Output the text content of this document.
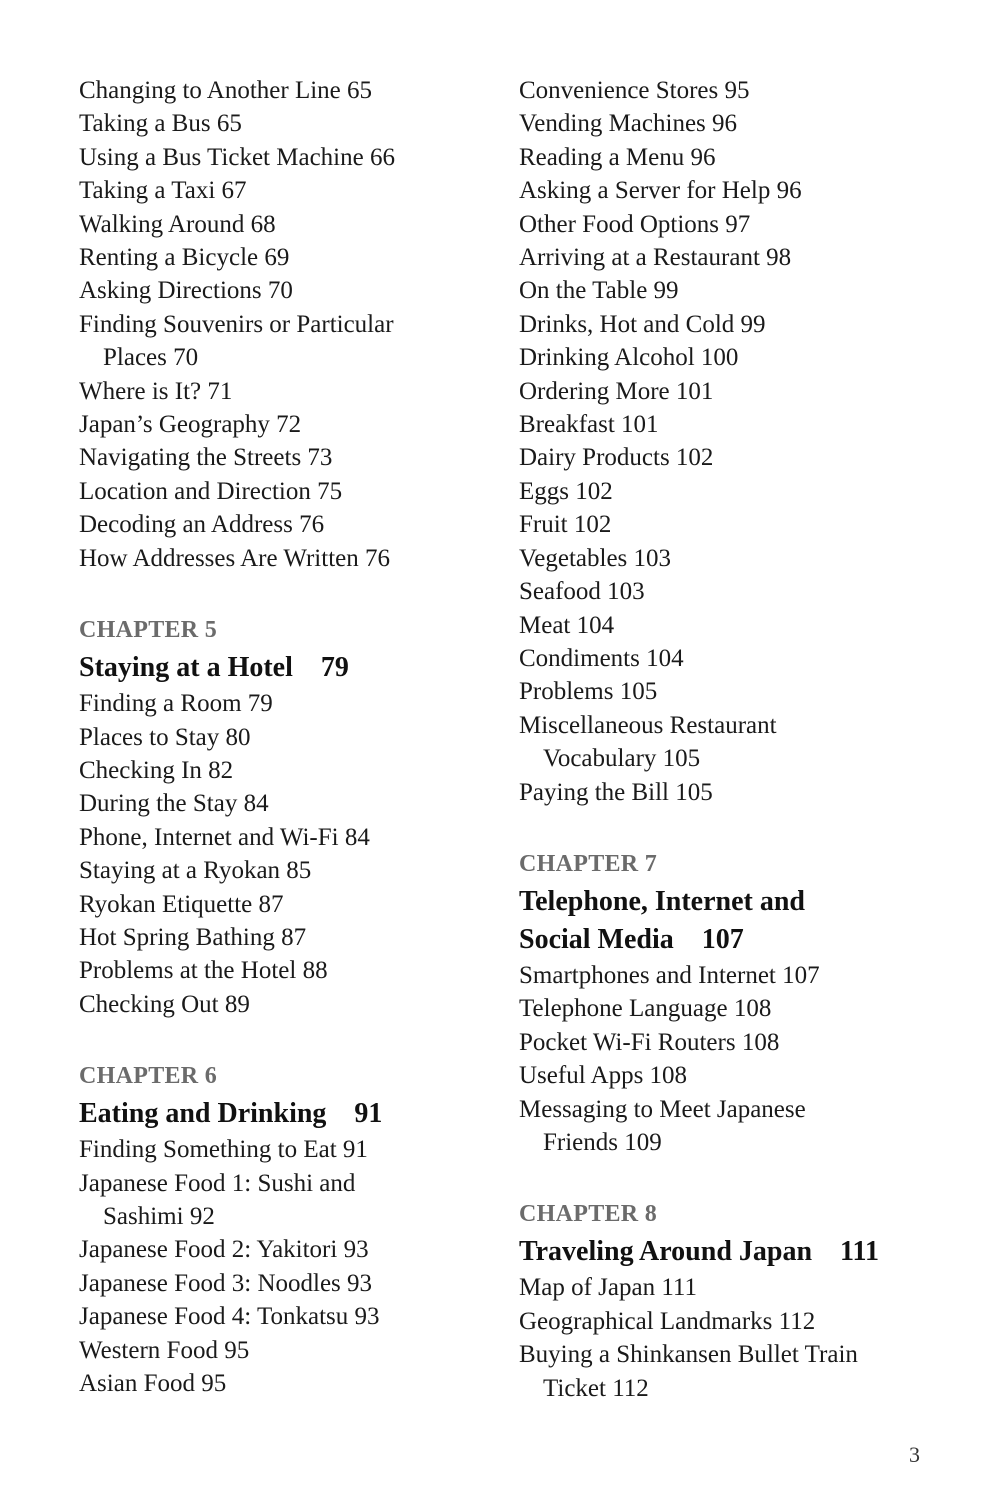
Changing to Another Line 65
Taking a Bus 65
Using a Bus Ticket Machine 66
Taking a Taxi 67
Walking Around 68
Renting a Bicycle 69
Asking Directions 70
Finding Souvenirs or Particular
Places 70
Where is It? 71
Japan’s Geography 72
Navigating the Streets 73
Location and Direction 75
Decoding an Address 76
How Addresses Are Written 76
CHAPTER 5
Staying at a Hotel 79
Finding a Room 79
Places to Stay 80
Checking In 82
During the Stay 84
Phone, Internet and Wi-Fi 84
Staying at a Ryokan 85
Ryokan Etiquette 87
Hot Spring Bathing 87
Problems at the Hotel 88
Checking Out 89
CHAPTER 6
Eating and Drinking 91
Finding Something to Eat 91
Japanese Food 1: Sushi and
Sashimi 92
Japanese Food 2: Yakitori 93
Japanese Food 3: Noodles 93
Japanese Food 4: Tonkatsu 93
Western Food 95
Asian Food 95
Convenience Stores 95
Vending Machines 96
Reading a Menu 96
Asking a Server for Help 96
Other Food Options 97
Arriving at a Restaurant 98
On the Table 99
Drinks, Hot and Cold 99
Drinking Alcohol 100
Ordering More 101
Breakfast 101
Dairy Products 102
Eggs 102
Fruit 102
Vegetables 103
Seafood 103
Meat 104
Condiments 104
Problems 105
Miscellaneous Restaurant
Vocabulary 105
Paying the Bill 105
CHAPTER 7
Telephone, Internet and
Social Media 107
Smartphones and Internet 107
Telephone Language 108
Pocket Wi-Fi Routers 108
Useful Apps 108
Messaging to Meet Japanese
Friends 109
CHAPTER 8
Traveling Around Japan 111
Map of Japan 111
Geographical Landmarks 112
Buying a Shinkansen Bullet Train
Ticket 112
3
